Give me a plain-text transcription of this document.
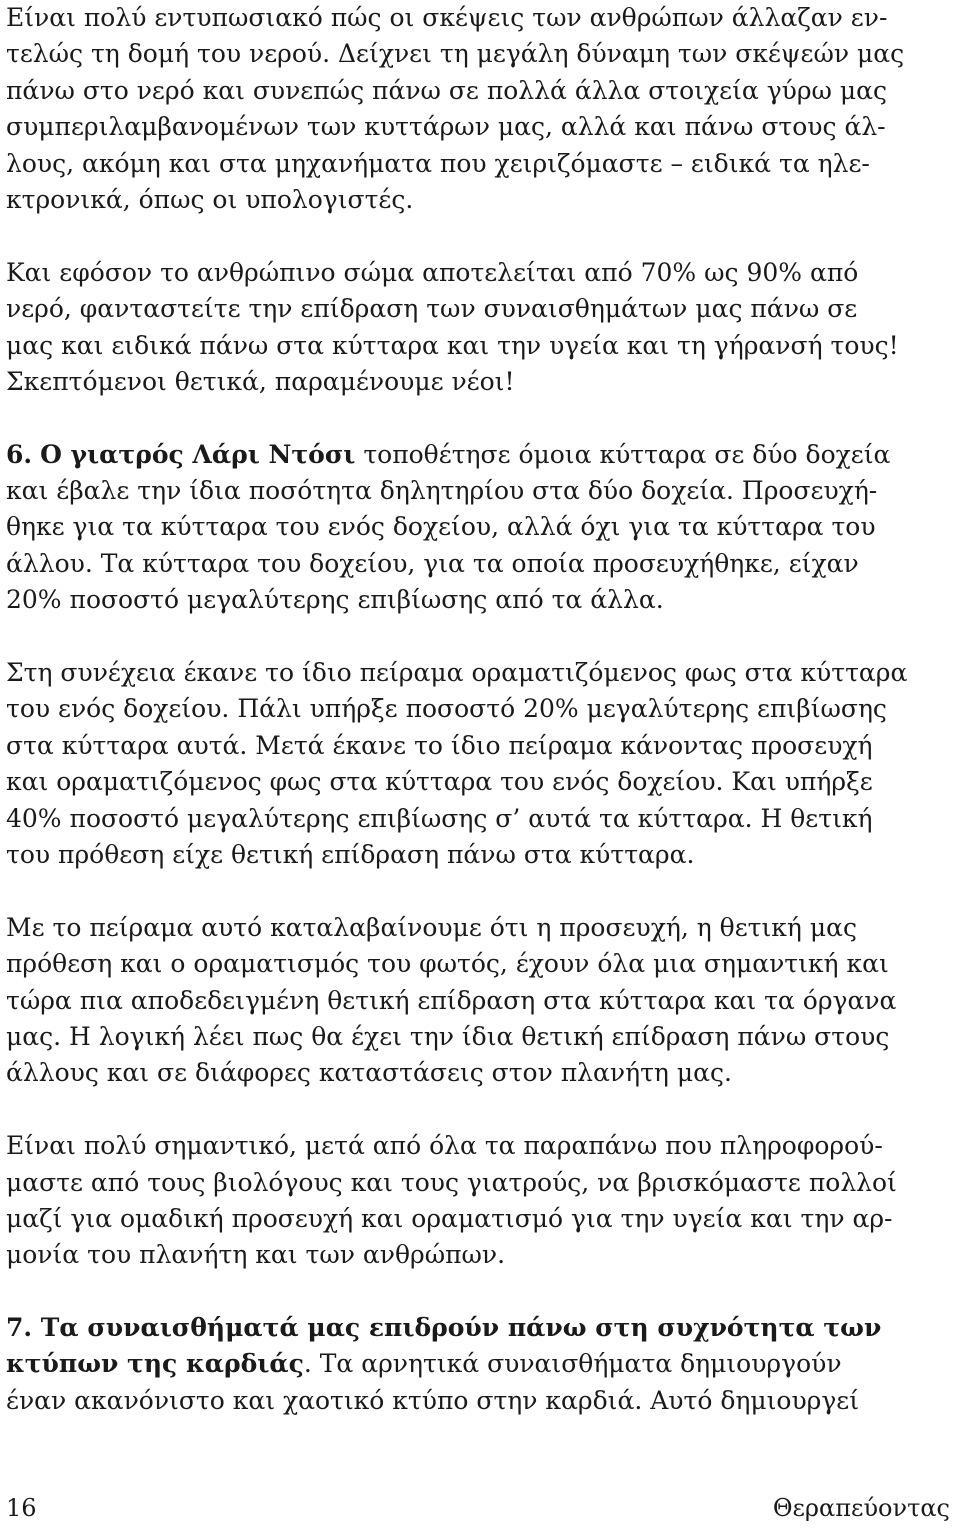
Είναι πολύ εντυπωσιακό πώς οι σκέψεις των ανθρώπων άλλαζαν εν-
τελώς τη δομή του νερού. Δείχνει τη μεγάλη δύναμη των σκέψεών μας
πάνω στο νερό και συνεπώς πάνω σε πολλά άλλα στοιχεία γύρω μας
συμπεριλαμβανομένων των κυττάρων μας, αλλά και πάνω στους άλ-
λους, ακόμη και στα μηχανήματα που χειριζόμαστε – ειδικά τα ηλε-
κτρονικά, όπως οι υπολογιστές.
Και εφόσον το ανθρώπινο σώμα αποτελείται από 70% ως 90% από
νερό, φανταστείτε την επίδραση των συναισθημάτων μας πάνω σε
μας και ειδικά πάνω στα κύτταρα και την υγεία και τη γήρανσή τους!
Σκεπτόμενοι θετικά, παραμένουμε νέοι!
6. Ο γιατρός Λάρι Ντόσι τοποθέτησε όμοια κύτταρα σε δύο δοχεία
και έβαλε την ίδια ποσότητα δηλητηρίου στα δύο δοχεία. Προσευχή-
θηκε για τα κύτταρα του ενός δοχείου, αλλά όχι για τα κύτταρα του
άλλου. Τα κύτταρα του δοχείου, για τα οποία προσευχήθηκε, είχαν
20% ποσοστό μεγαλύτερης επιβίωσης από τα άλλα.
Στη συνέχεια έκανε το ίδιο πείραμα οραματιζόμενος φως στα κύτταρα
του ενός δοχείου. Πάλι υπήρξε ποσοστό 20% μεγαλύτερης επιβίωσης
στα κύτταρα αυτά. Μετά έκανε το ίδιο πείραμα κάνοντας προσευχή
και οραματιζόμενος φως στα κύτταρα του ενός δοχείου. Και υπήρξε
40% ποσοστό μεγαλύτερης επιβίωσης σ’ αυτά τα κύτταρα. Η θετική
του πρόθεση είχε θετική επίδραση πάνω στα κύτταρα.
Με το πείραμα αυτό καταλαβαίνουμε ότι η προσευχή, η θετική μας
πρόθεση και ο οραματισμός του φωτός, έχουν όλα μια σημαντική και
τώρα πια αποδεδειγμένη θετική επίδραση στα κύτταρα και τα όργανα
μας. Η λογική λέει πως θα έχει την ίδια θετική επίδραση πάνω στους
άλλους και σε διάφορες καταστάσεις στον πλανήτη μας.
Είναι πολύ σημαντικό, μετά από όλα τα παραπάνω που πληροφορού-
μαστε από τους βιολόγους και τους γιατρούς, να βρισκόμαστε πολλοί
μαζί για ομαδική προσευχή και οραματισμό για την υγεία και την αρ-
μονία του πλανήτη και των ανθρώπων.
7. Τα συναισθήματά μας επιδρούν πάνω στη συχνότητα των
κτύπων της καρδιάς. Τα αρνητικά συναισθήματα δημιουργούν
έναν ακανόνιστο και χαοτικό κτύπο στην καρδιά. Αυτό δημιουργεί
16	Θεραπεύοντας
